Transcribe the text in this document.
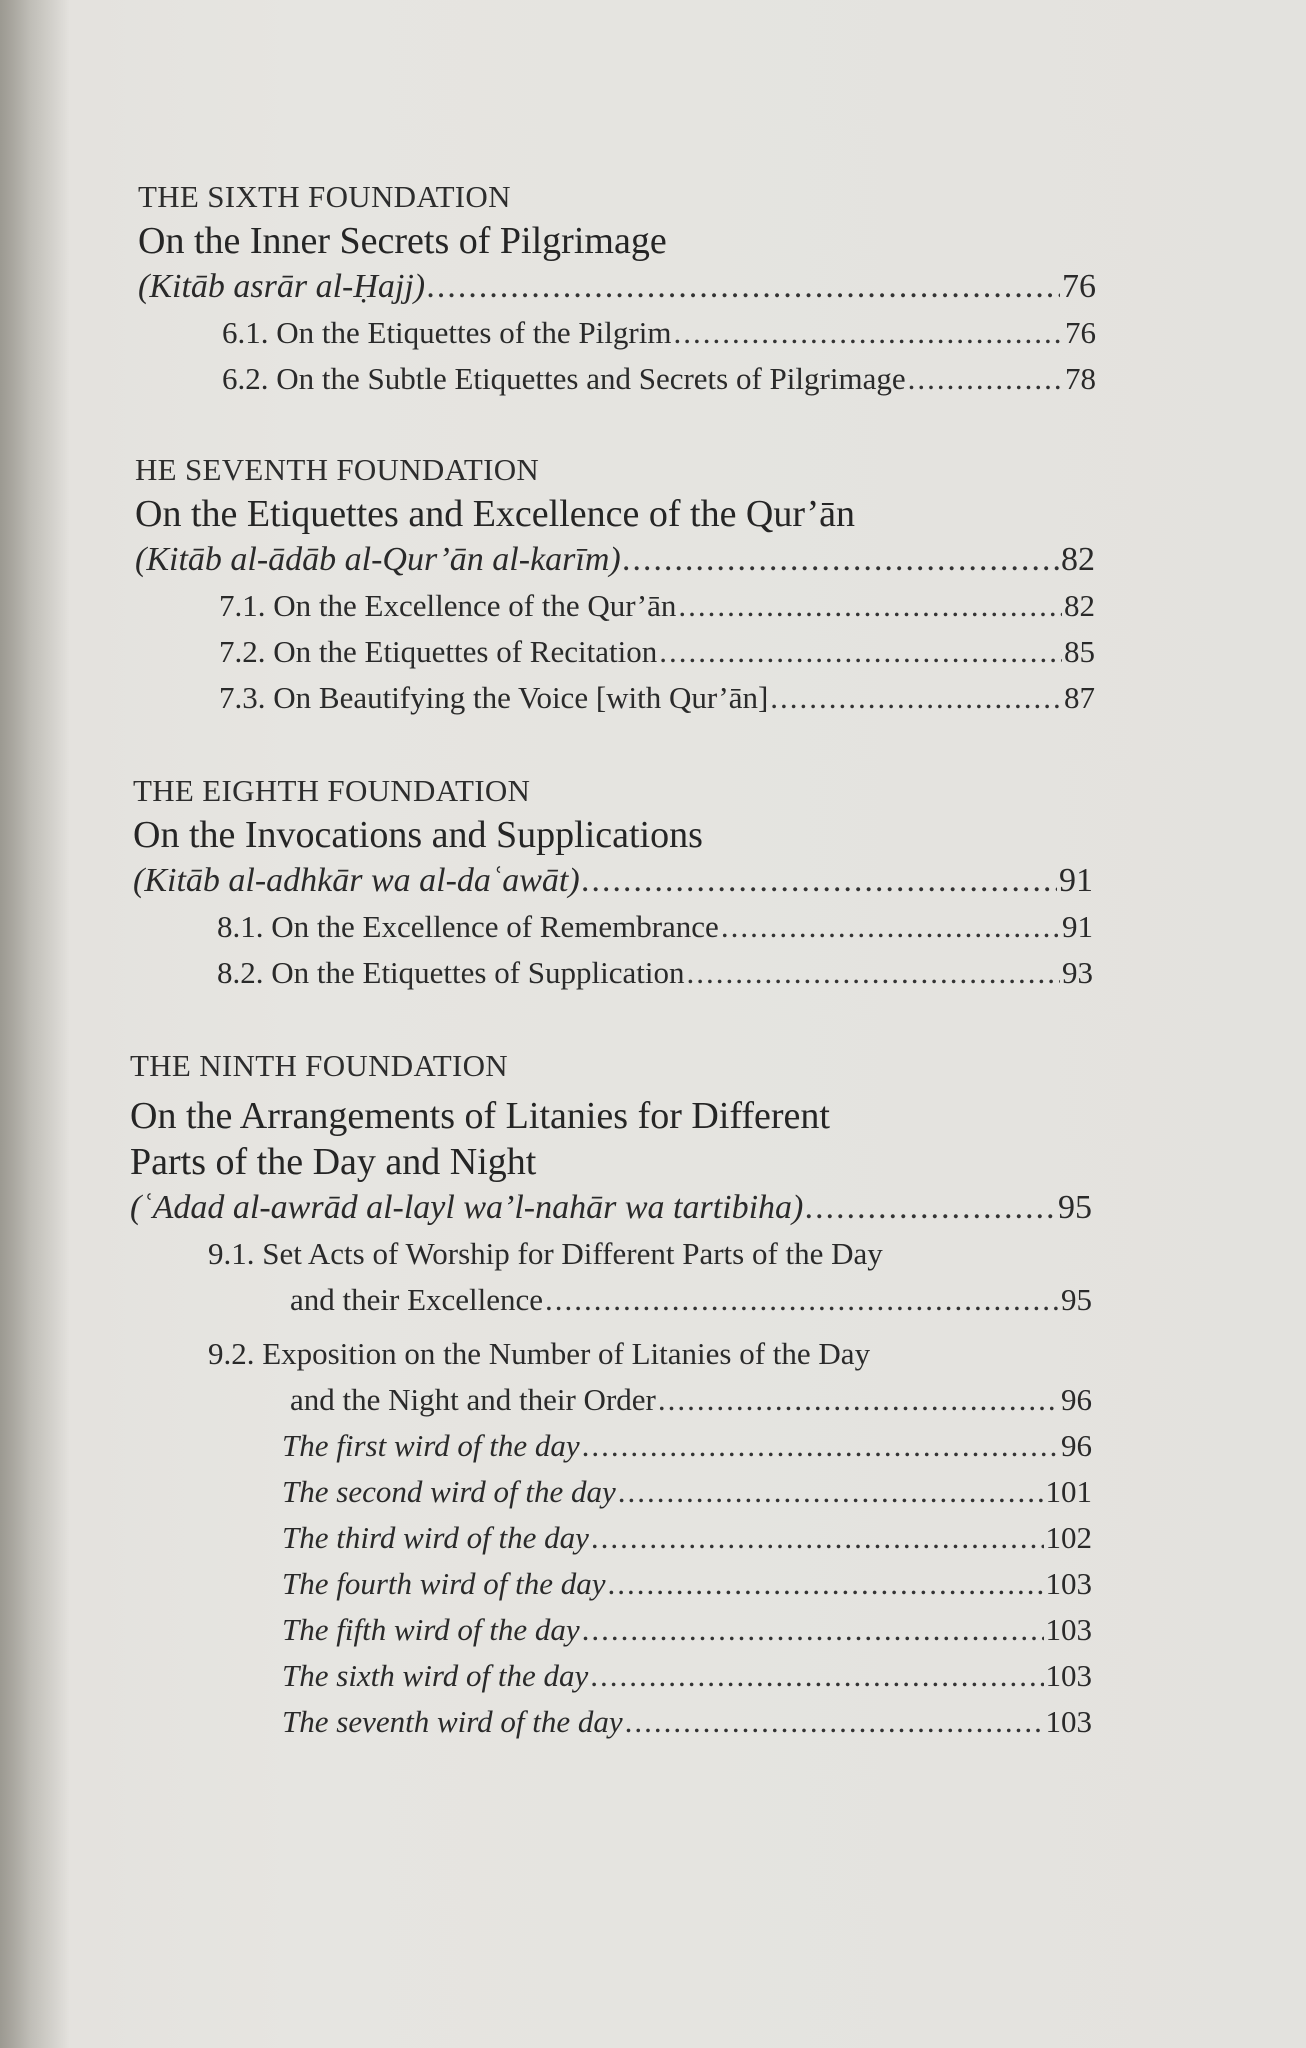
THE SIXTH FOUNDATION
On the Inner Secrets of Pilgrimage
(Kitāb asrār al-Ḥajj) .....	76
6.1. On the Etiquettes of the Pilgrim .....	76
6.2. On the Subtle Etiquettes and Secrets of Pilgrimage .....	78
HE SEVENTH FOUNDATION
On the Etiquettes and Excellence of the Qur’ān
(Kitāb al-ādāb al-Qur’ān al-karīm) .....	82
7.1. On the Excellence of the Qur’ān .....	82
7.2. On the Etiquettes of Recitation .....	85
7.3. On Beautifying the Voice [with Qur’ān] .....	87
THE EIGHTH FOUNDATION
On the Invocations and Supplications
(Kitāb al-adhkār wa al-daʿawāt) .....	91
8.1. On the Excellence of Remembrance .....	91
8.2. On the Etiquettes of Supplication .....	93
THE NINTH FOUNDATION
On the Arrangements of Litanies for Different
Parts of the Day and Night
(ʿAdad al-awrād al-layl wa’l-nahār wa tartibiha) .....	95
9.1. Set Acts of Worship for Different Parts of the Day
and their Excellence .....	95
9.2. Exposition on the Number of Litanies of the Day
and the Night and their Order .....	96
The first wird of the day .....	96
The second wird of the day .....	101
The third wird of the day .....	102
The fourth wird of the day .....	103
The fifth wird of the day .....	103
The sixth wird of the day .....	103
The seventh wird of the day .....	103
